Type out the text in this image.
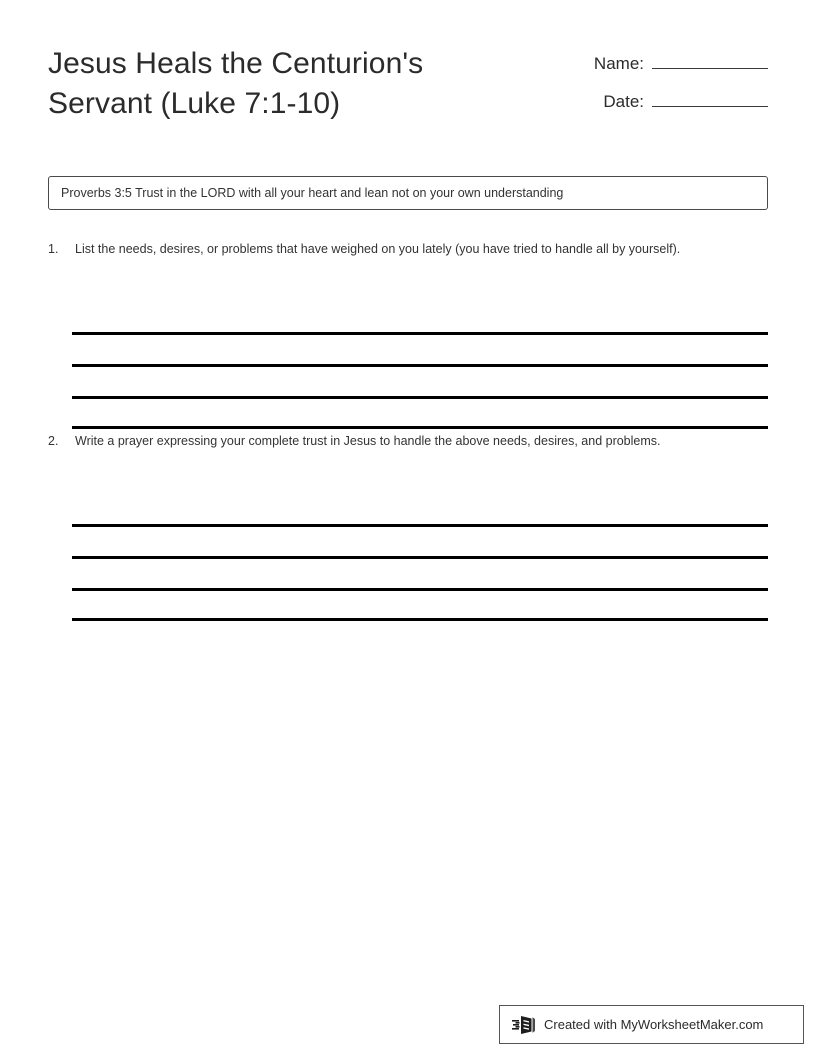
Jesus Heals the Centurion's Servant (Luke 7:1-10)
Name:
Date:
Proverbs 3:5 Trust in the LORD with all your heart and lean not on your own understanding
1.	List the needs, desires, or problems that have weighed on you lately (you have tried to handle all by yourself).
2.	Write a prayer expressing your complete trust in Jesus to handle the above needs, desires, and problems.
Created with MyWorksheetMaker.com
